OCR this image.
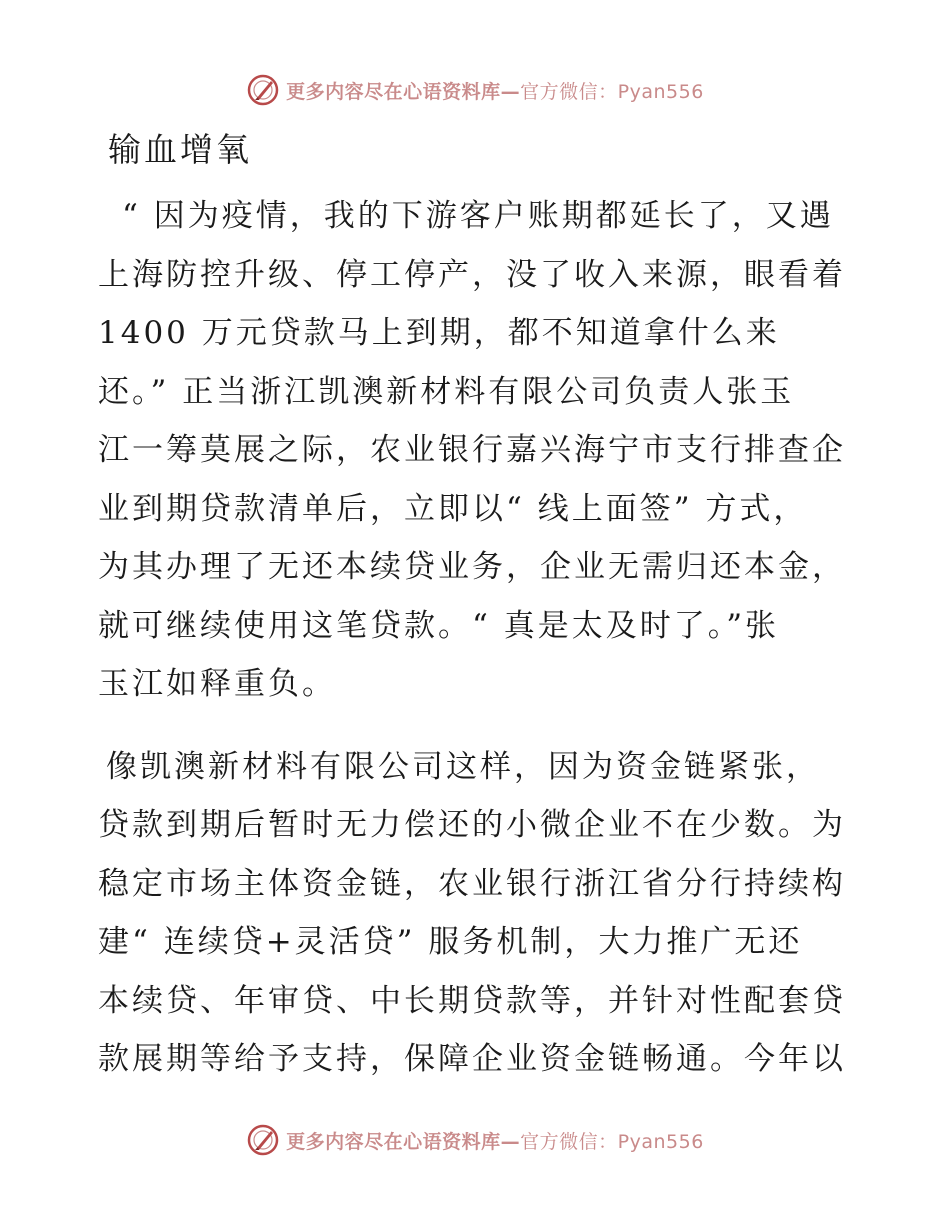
更多内容尽在心语资料库—官方微信：Pyan556
输血增氧

“ 因为疫情，我的下游客户账期都延长了，又遇
上海防控升级、停工停产，没了收入来源，眼看着
1400 万元贷款马上到期，都不知道拿什么来
还。” 正当浙江凯澳新材料有限公司负责人张玉
江一筹莫展之际，农业银行嘉兴海宁市支行排查企
业到期贷款清单后，立即以“ 线上面签” 方式，
为其办理了无还本续贷业务，企业无需归还本金，
就可继续使用这笔贷款。“ 真是太及时了。”张
玉江如释重负。

像凯澳新材料有限公司这样，因为资金链紧张，
贷款到期后暂时无力偿还的小微企业不在少数。为
稳定市场主体资金链，农业银行浙江省分行持续构
建“ 连续贷+灵活贷” 服务机制，大力推广无还
本续贷、年审贷、中长期贷款等，并针对性配套贷
款展期等给予支持，保障企业资金链畅通。今年以

更多内容尽在心语资料库—官方微信：Pyan556
